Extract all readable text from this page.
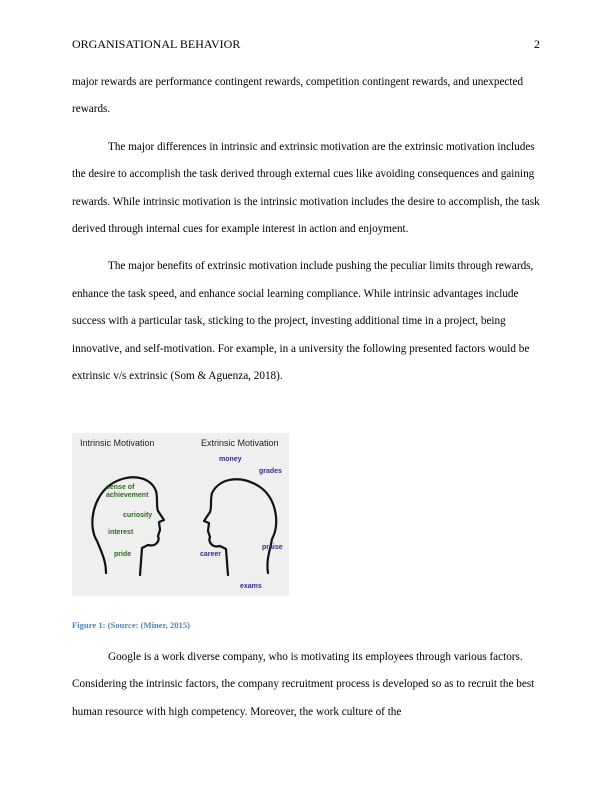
ORGANISATIONAL BEHAVIOR	2

major rewards are performance contingent rewards, competition contingent rewards, and unexpected rewards.

The major differences in intrinsic and extrinsic motivation are the extrinsic motivation includes the desire to accomplish the task derived through external cues like avoiding consequences and gaining rewards. While intrinsic motivation is the intrinsic motivation includes the desire to accomplish, the task derived through internal cues for example interest in action and enjoyment.

The major benefits of extrinsic motivation include pushing the peculiar limits through rewards, enhance the task speed, and enhance social learning compliance. While intrinsic advantages include success with a particular task, sticking to the project, investing additional time in a project, being innovative, and self-motivation. For example, in a university the following presented factors would be extrinsic v/s extrinsic (Som & Aguenza, 2018).

Intrinsic Motivation	Extrinsic Motivation
sense of
achievement
curiosity
interest
pride
money
grades
praise
career
exams
Figure 1: (Source: (Miner, 2015)

Google is a work diverse company, who is motivating its employees through various factors. Considering the intrinsic factors, the company recruitment process is developed so as to recruit the best human resource with high competency. Moreover, the work culture of the
